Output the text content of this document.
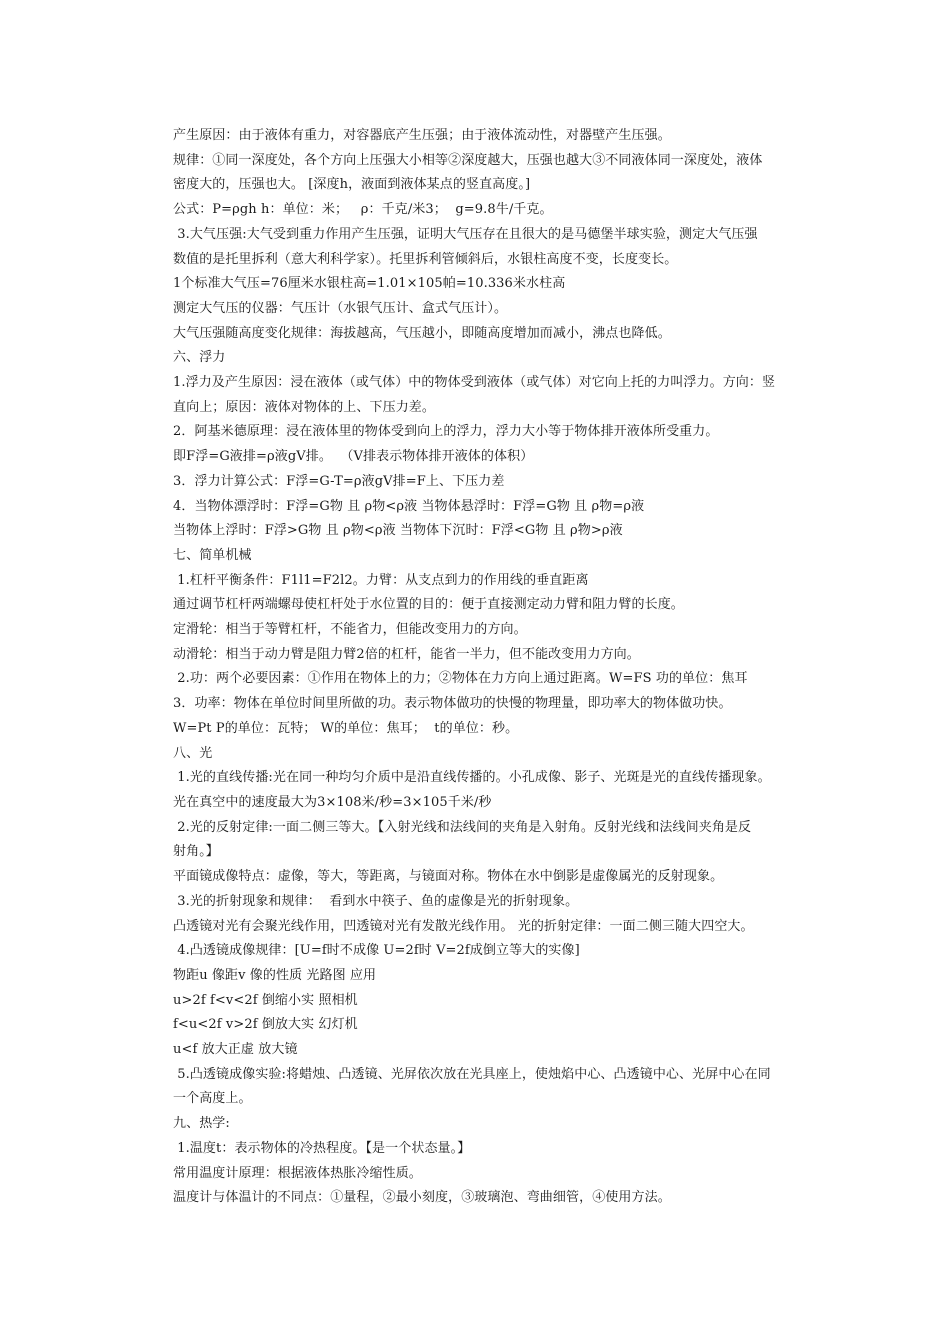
产生原因：由于液体有重力，对容器底产生压强；由于液体流动性，对器壁产生压强。
规律：①同一深度处，各个方向上压强大小相等②深度越大，压强也越大③不同液体同一深度处，液体
密度大的，压强也大。 [深度h，液面到液体某点的竖直高度。]
公式：P=ρgh h：单位：米；   ρ：千克/米3；  g=9.8牛/千克。
3.大气压强:大气受到重力作用产生压强，证明大气压存在且很大的是马德堡半球实验，测定大气压强
数值的是托里拆利（意大利科学家）。托里拆利管倾斜后，水银柱高度不变，长度变长。
1个标准大气压=76厘米水银柱高=1.01×105帕=10.336米水柱高
测定大气压的仪器：气压计（水银气压计、盒式气压计）。
大气压强随高度变化规律：海拔越高，气压越小，即随高度增加而减小，沸点也降低。
六、浮力
1.浮力及产生原因：浸在液体（或气体）中的物体受到液体（或气体）对它向上托的力叫浮力。方向：竖
直向上；原因：液体对物体的上、下压力差。
2．阿基米德原理：浸在液体里的物体受到向上的浮力，浮力大小等于物体排开液体所受重力。
即F浮=G液排=ρ液gV排。  （V排表示物体排开液体的体积）
3．浮力计算公式：F浮=G-T=ρ液gV排=F上、下压力差
4．当物体漂浮时：F浮=G物 且 ρ物<ρ液 当物体悬浮时：F浮=G物 且 ρ物=ρ液
当物体上浮时：F浮>G物 且 ρ物<ρ液 当物体下沉时：F浮<G物 且 ρ物>ρ液
七、简单机械
1.杠杆平衡条件：F1l1=F2l2。力臂：从支点到力的作用线的垂直距离
通过调节杠杆两端螺母使杠杆处于水位置的目的：便于直接测定动力臂和阻力臂的长度。
定滑轮：相当于等臂杠杆，不能省力，但能改变用力的方向。
动滑轮：相当于动力臂是阻力臂2倍的杠杆，能省一半力，但不能改变用力方向。
2.功：两个必要因素：①作用在物体上的力；②物体在力方向上通过距离。W=FS 功的单位：焦耳
3．功率：物体在单位时间里所做的功。表示物体做功的快慢的物理量，即功率大的物体做功快。
W=Pt P的单位：瓦特； W的单位：焦耳；  t的单位：秒。
八、光
1.光的直线传播:光在同一种均匀介质中是沿直线传播的。小孔成像、影子、光斑是光的直线传播现象。
光在真空中的速度最大为3×108米/秒=3×105千米/秒
2.光的反射定律:一面二侧三等大。【入射光线和法线间的夹角是入射角。反射光线和法线间夹角是反
射角。】
平面镜成像特点：虚像，等大，等距离，与镜面对称。物体在水中倒影是虚像属光的反射现象。
3.光的折射现象和规律：  看到水中筷子、鱼的虚像是光的折射现象。
凸透镜对光有会聚光线作用，凹透镜对光有发散光线作用。 光的折射定律：一面二侧三随大四空大。
4.凸透镜成像规律：[U=f时不成像 U=2f时 V=2f成倒立等大的实像]
物距u 像距v 像的性质 光路图 应用
u>2f f<v<2f 倒缩小实 照相机
f<u<2f v>2f 倒放大实 幻灯机
u<f 放大正虚 放大镜
5.凸透镜成像实验:将蜡烛、凸透镜、光屏依次放在光具座上，使烛焰中心、凸透镜中心、光屏中心在同
一个高度上。
九、热学:
1.温度t：表示物体的冷热程度。【是一个状态量。】
常用温度计原理：根据液体热胀冷缩性质。
温度计与体温计的不同点：①量程，②最小刻度，③玻璃泡、弯曲细管，④使用方法。
